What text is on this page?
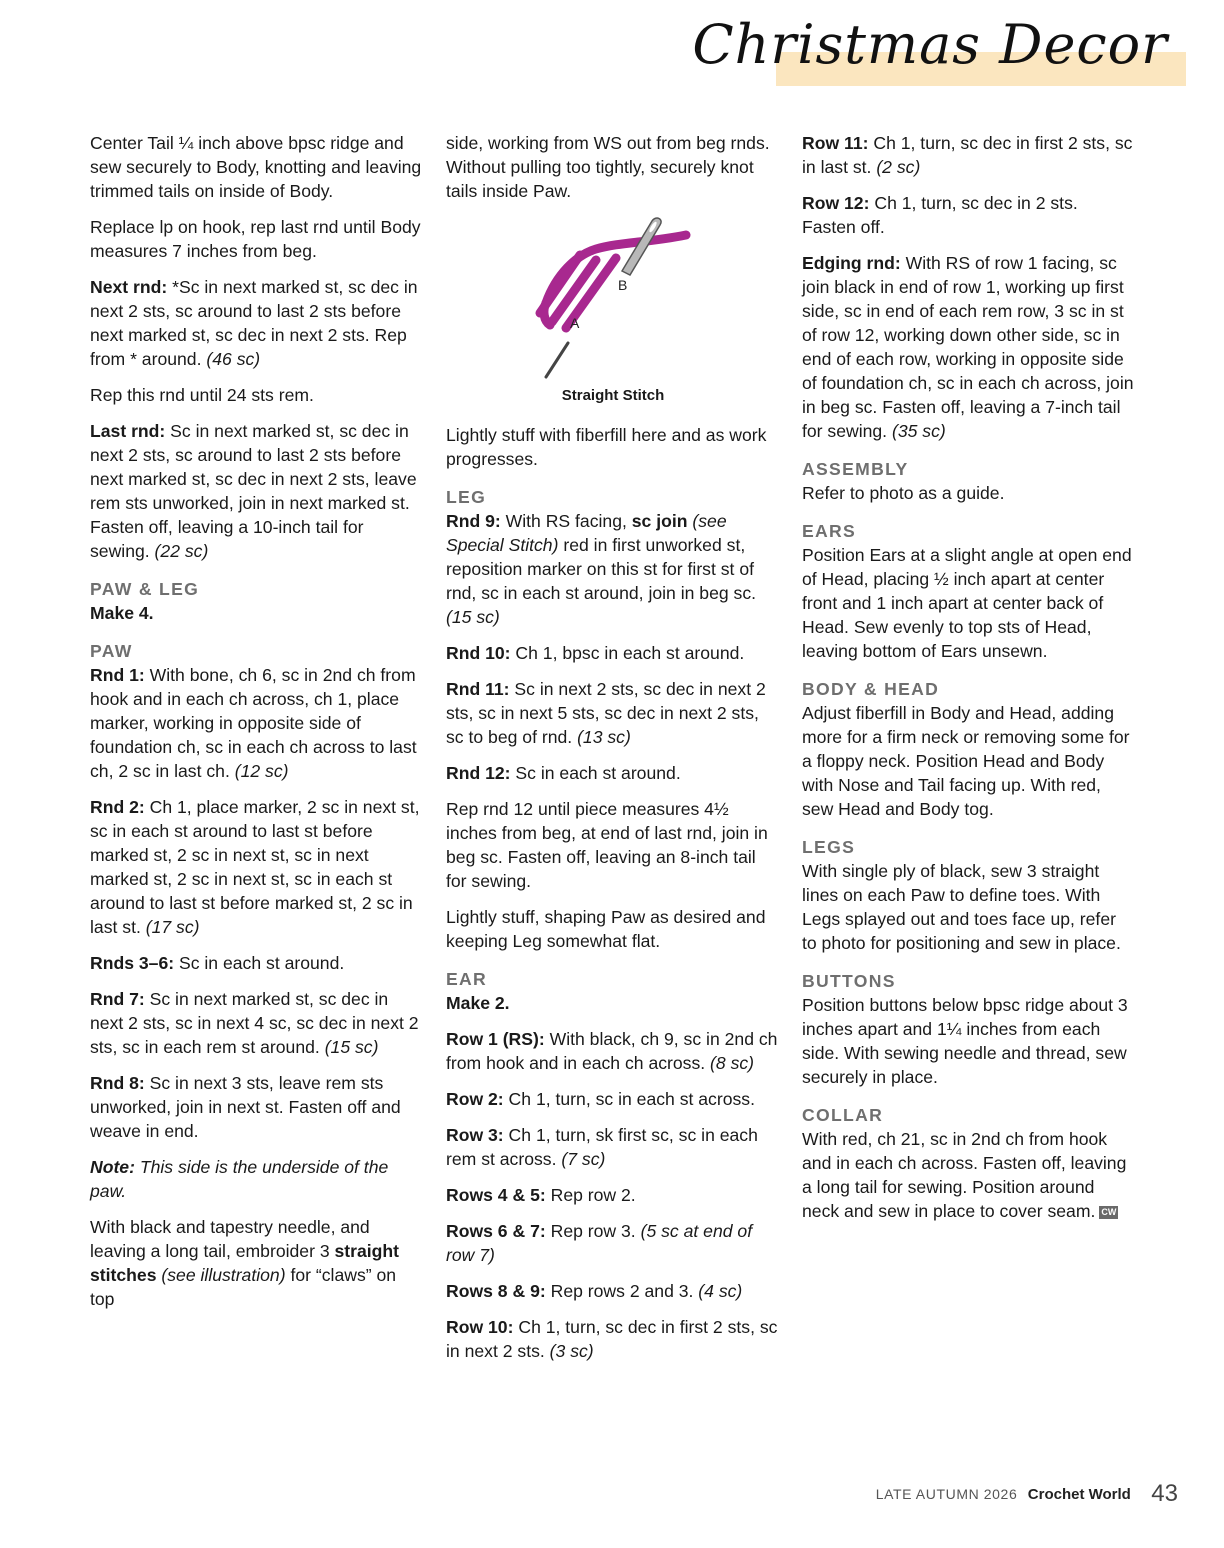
Christmas Decor

Center Tail ¼ inch above bpsc ridge and sew securely to Body, knotting and leaving trimmed tails on inside of Body.

Replace lp on hook, rep last rnd until Body measures 7 inches from beg.

Next rnd: *Sc in next marked st, sc dec in next 2 sts, sc around to last 2 sts before next marked st, sc dec in next 2 sts. Rep from * around. (46 sc)

Rep this rnd until 24 sts rem.

Last rnd: Sc in next marked st, sc dec in next 2 sts, sc around to last 2 sts before next marked st, sc dec in next 2 sts, leave rem sts unworked, join in next marked st. Fasten off, leaving a 10-inch tail for sewing. (22 sc)

PAW & LEG

Make 4.

PAW

Rnd 1: With bone, ch 6, sc in 2nd ch from hook and in each ch across, ch 1, place marker, working in opposite side of foundation ch, sc in each ch across to last ch, 2 sc in last ch. (12 sc)

Rnd 2: Ch 1, place marker, 2 sc in next st, sc in each st around to last st before marked st, 2 sc in next st, sc in next marked st, 2 sc in next st, sc in each st around to last st before marked st, 2 sc in last st. (17 sc)

Rnds 3–6: Sc in each st around.

Rnd 7: Sc in next marked st, sc dec in next 2 sts, sc in next 4 sc, sc dec in next 2 sts, sc in each rem st around. (15 sc)

Rnd 8: Sc in next 3 sts, leave rem sts unworked, join in next st. Fasten off and weave in end.

Note: This side is the underside of the paw.

With black and tapestry needle, and leaving a long tail, embroider 3 straight stitches (see illustration) for “claws” on top

side, working from WS out from beg rnds. Without pulling too tightly, securely knot tails inside Paw.

A
B
Straight Stitch

Lightly stuff with fiberfill here and as work progresses.

LEG

Rnd 9: With RS facing, sc join (see Special Stitch) red in first unworked st, reposition marker on this st for first st of rnd, sc in each st around, join in beg sc. (15 sc)

Rnd 10: Ch 1, bpsc in each st around.

Rnd 11: Sc in next 2 sts, sc dec in next 2 sts, sc in next 5 sts, sc dec in next 2 sts, sc to beg of rnd. (13 sc)

Rnd 12: Sc in each st around.

Rep rnd 12 until piece measures 4½ inches from beg, at end of last rnd, join in beg sc. Fasten off, leaving an 8-inch tail for sewing.

Lightly stuff, shaping Paw as desired and keeping Leg somewhat flat.

EAR

Make 2.

Row 1 (RS): With black, ch 9, sc in 2nd ch from hook and in each ch across. (8 sc)

Row 2: Ch 1, turn, sc in each st across.

Row 3: Ch 1, turn, sk first sc, sc in each rem st across. (7 sc)

Rows 4 & 5: Rep row 2.

Rows 6 & 7: Rep row 3. (5 sc at end of row 7)

Rows 8 & 9: Rep rows 2 and 3. (4 sc)

Row 10: Ch 1, turn, sc dec in first 2 sts, sc in next 2 sts. (3 sc)

Row 11: Ch 1, turn, sc dec in first 2 sts, sc in last st. (2 sc)

Row 12: Ch 1, turn, sc dec in 2 sts. Fasten off.

Edging rnd: With RS of row 1 facing, sc join black in end of row 1, working up first side, sc in end of each rem row, 3 sc in st of row 12, working down other side, sc in end of each row, working in opposite side of foundation ch, sc in each ch across, join in beg sc. Fasten off, leaving a 7-inch tail for sewing. (35 sc)

ASSEMBLY

Refer to photo as a guide.

EARS

Position Ears at a slight angle at open end of Head, placing ½ inch apart at center front and 1 inch apart at center back of Head. Sew evenly to top sts of Head, leaving bottom of Ears unsewn.

BODY & HEAD

Adjust fiberfill in Body and Head, adding more for a firm neck or removing some for a floppy neck. Position Head and Body with Nose and Tail facing up. With red, sew Head and Body tog.

LEGS

With single ply of black, sew 3 straight lines on each Paw to define toes. With Legs splayed out and toes face up, refer to photo for positioning and sew in place.

BUTTONS

Position buttons below bpsc ridge about 3 inches apart and 1¼ inches from each side. With sewing needle and thread, sew securely in place.

COLLAR

With red, ch 21, sc in 2nd ch from hook and in each ch across. Fasten off, leaving a long tail for sewing. Position around neck and sew in place to cover seam. CW

LATE AUTUMN 2026 Crochet World 43
